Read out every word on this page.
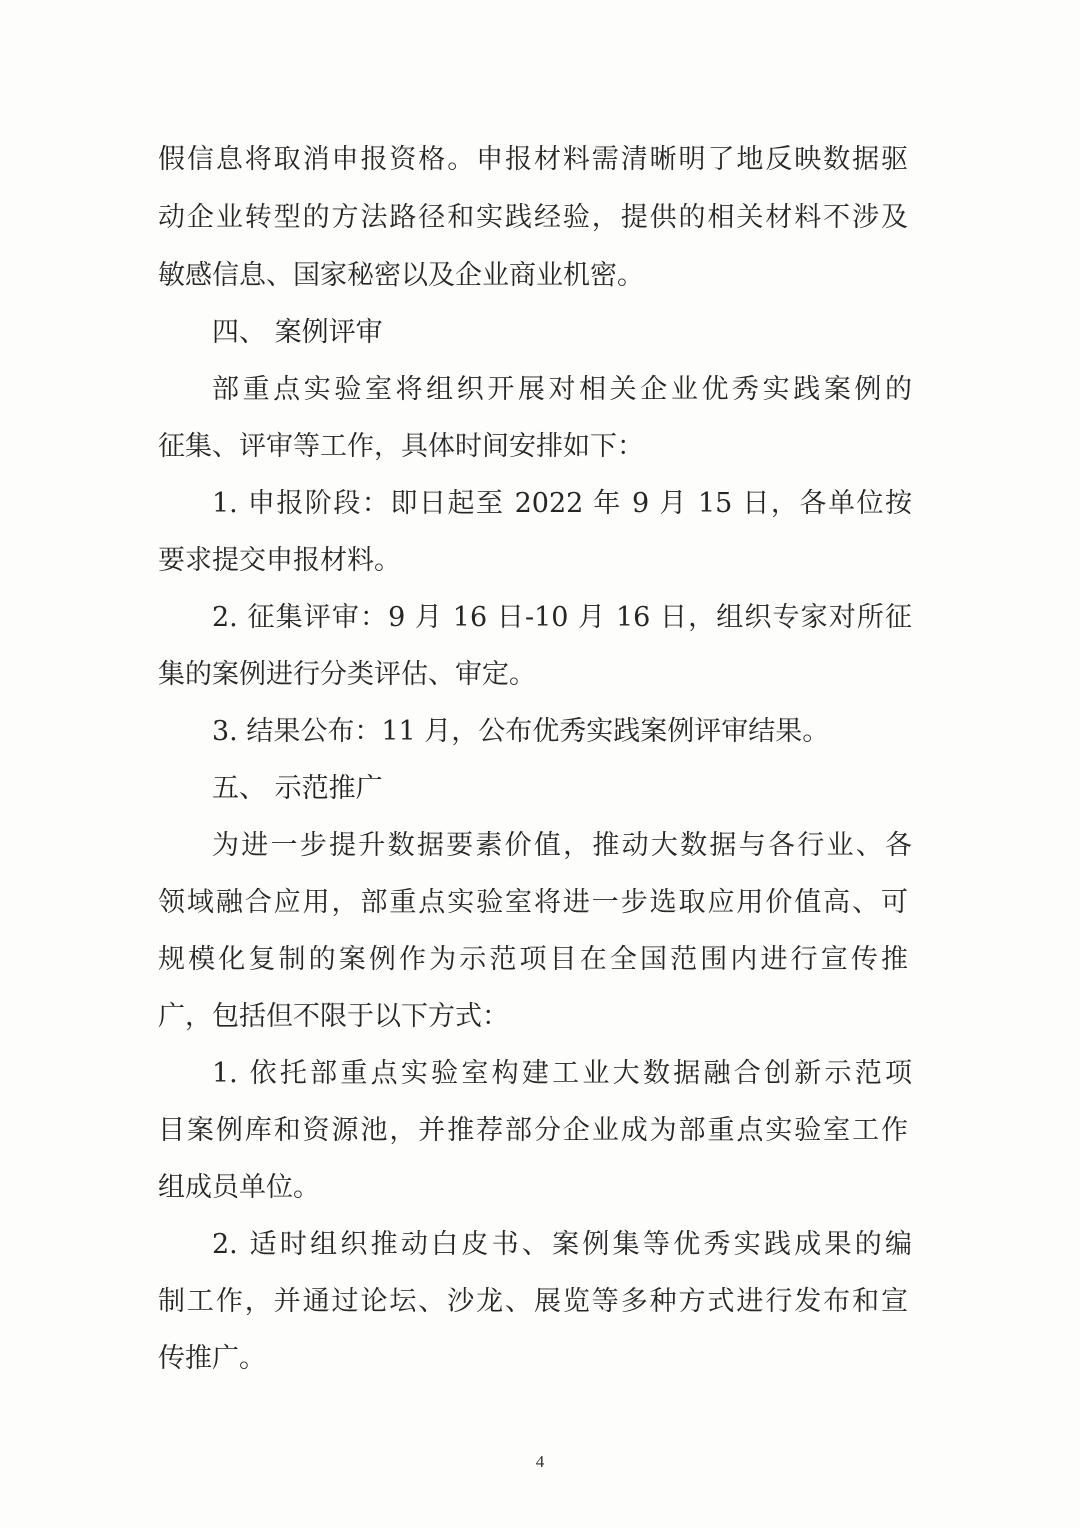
假信息将取消申报资格。申报材料需清晰明了地反映数据驱
动企业转型的方法路径和实践经验，提供的相关材料不涉及
敏感信息、国家秘密以及企业商业机密。
四、 案例评审
部重点实验室将组织开展对相关企业优秀实践案例的
征集、评审等工作，具体时间安排如下：
1. 申报阶段：即日起至 2022 年 9 月 15 日，各单位按
要求提交申报材料。
2. 征集评审：9 月 16 日-10 月 16 日，组织专家对所征
集的案例进行分类评估、审定。
3. 结果公布：11 月，公布优秀实践案例评审结果。
五、 示范推广
为进一步提升数据要素价值，推动大数据与各行业、各
领域融合应用，部重点实验室将进一步选取应用价值高、可
规模化复制的案例作为示范项目在全国范围内进行宣传推
广，包括但不限于以下方式：
1. 依托部重点实验室构建工业大数据融合创新示范项
目案例库和资源池，并推荐部分企业成为部重点实验室工作
组成员单位。
2. 适时组织推动白皮书、案例集等优秀实践成果的编
制工作，并通过论坛、沙龙、展览等多种方式进行发布和宣
传推广。
4
